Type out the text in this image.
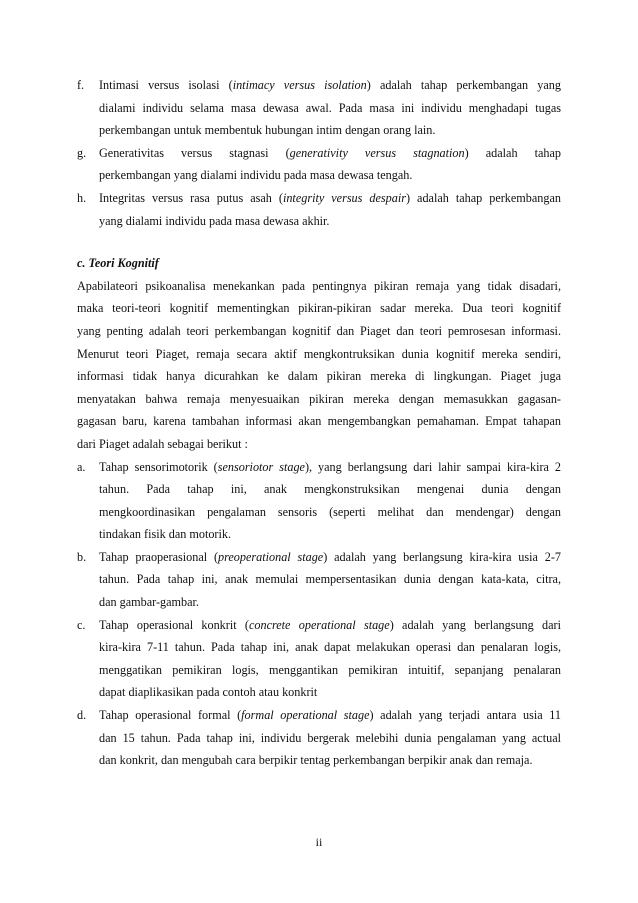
f.	Intimasi versus isolasi (intimacy versus isolation) adalah tahap perkembangan yang
dialami individu selama masa dewasa awal. Pada masa ini individu menghadapi tugas
perkembangan untuk membentuk hubungan intim dengan orang lain.
g.	Generativitas versus stagnasi (generativity versus stagnation) adalah tahap
perkembangan yang dialami individu pada masa dewasa tengah.
h.	Integritas versus rasa putus asah (integrity versus despair) adalah tahap perkembangan
yang dialami individu pada masa dewasa akhir.
c. Teori Kognitif
Apabilateori psikoanalisa menekankan pada pentingnya pikiran remaja yang tidak disadari,
maka teori-teori kognitif mementingkan pikiran-pikiran sadar mereka. Dua teori kognitif
yang penting adalah teori perkembangan kognitif dan Piaget dan teori pemrosesan informasi.
Menurut teori Piaget, remaja secara aktif mengkontruksikan dunia kognitif mereka sendiri,
informasi tidak hanya dicurahkan ke dalam pikiran mereka di lingkungan. Piaget juga
menyatakan bahwa remaja menyesuaikan pikiran mereka dengan memasukkan gagasan-
gagasan baru, karena tambahan informasi akan mengembangkan pemahaman. Empat tahapan
dari Piaget adalah sebagai berikut :
a.	Tahap sensorimotorik (sensoriotor stage), yang berlangsung dari lahir sampai kira-kira 2
tahun. Pada tahap ini, anak mengkonstruksikan mengenai dunia dengan
mengkoordinasikan pengalaman sensoris (seperti melihat dan mendengar) dengan
tindakan fisik dan motorik.
b.	Tahap praoperasional (preoperational stage) adalah yang berlangsung kira-kira usia 2-7
tahun. Pada tahap ini, anak memulai mempersentasikan dunia dengan kata-kata, citra,
dan gambar-gambar.
c.	Tahap operasional konkrit (concrete operational stage) adalah yang berlangsung dari
kira-kira 7-11 tahun. Pada tahap ini, anak dapat melakukan operasi dan penalaran logis,
menggatikan pemikiran logis, menggantikan pemikiran intuitif, sepanjang penalaran
dapat diaplikasikan pada contoh atau konkrit
d.	Tahap operasional formal (formal operational stage) adalah yang terjadi antara usia 11
dan 15 tahun. Pada tahap ini, individu bergerak melebihi dunia pengalaman yang actual
dan konkrit, dan mengubah cara berpikir tentag perkembangan berpikir anak dan remaja.
ii
